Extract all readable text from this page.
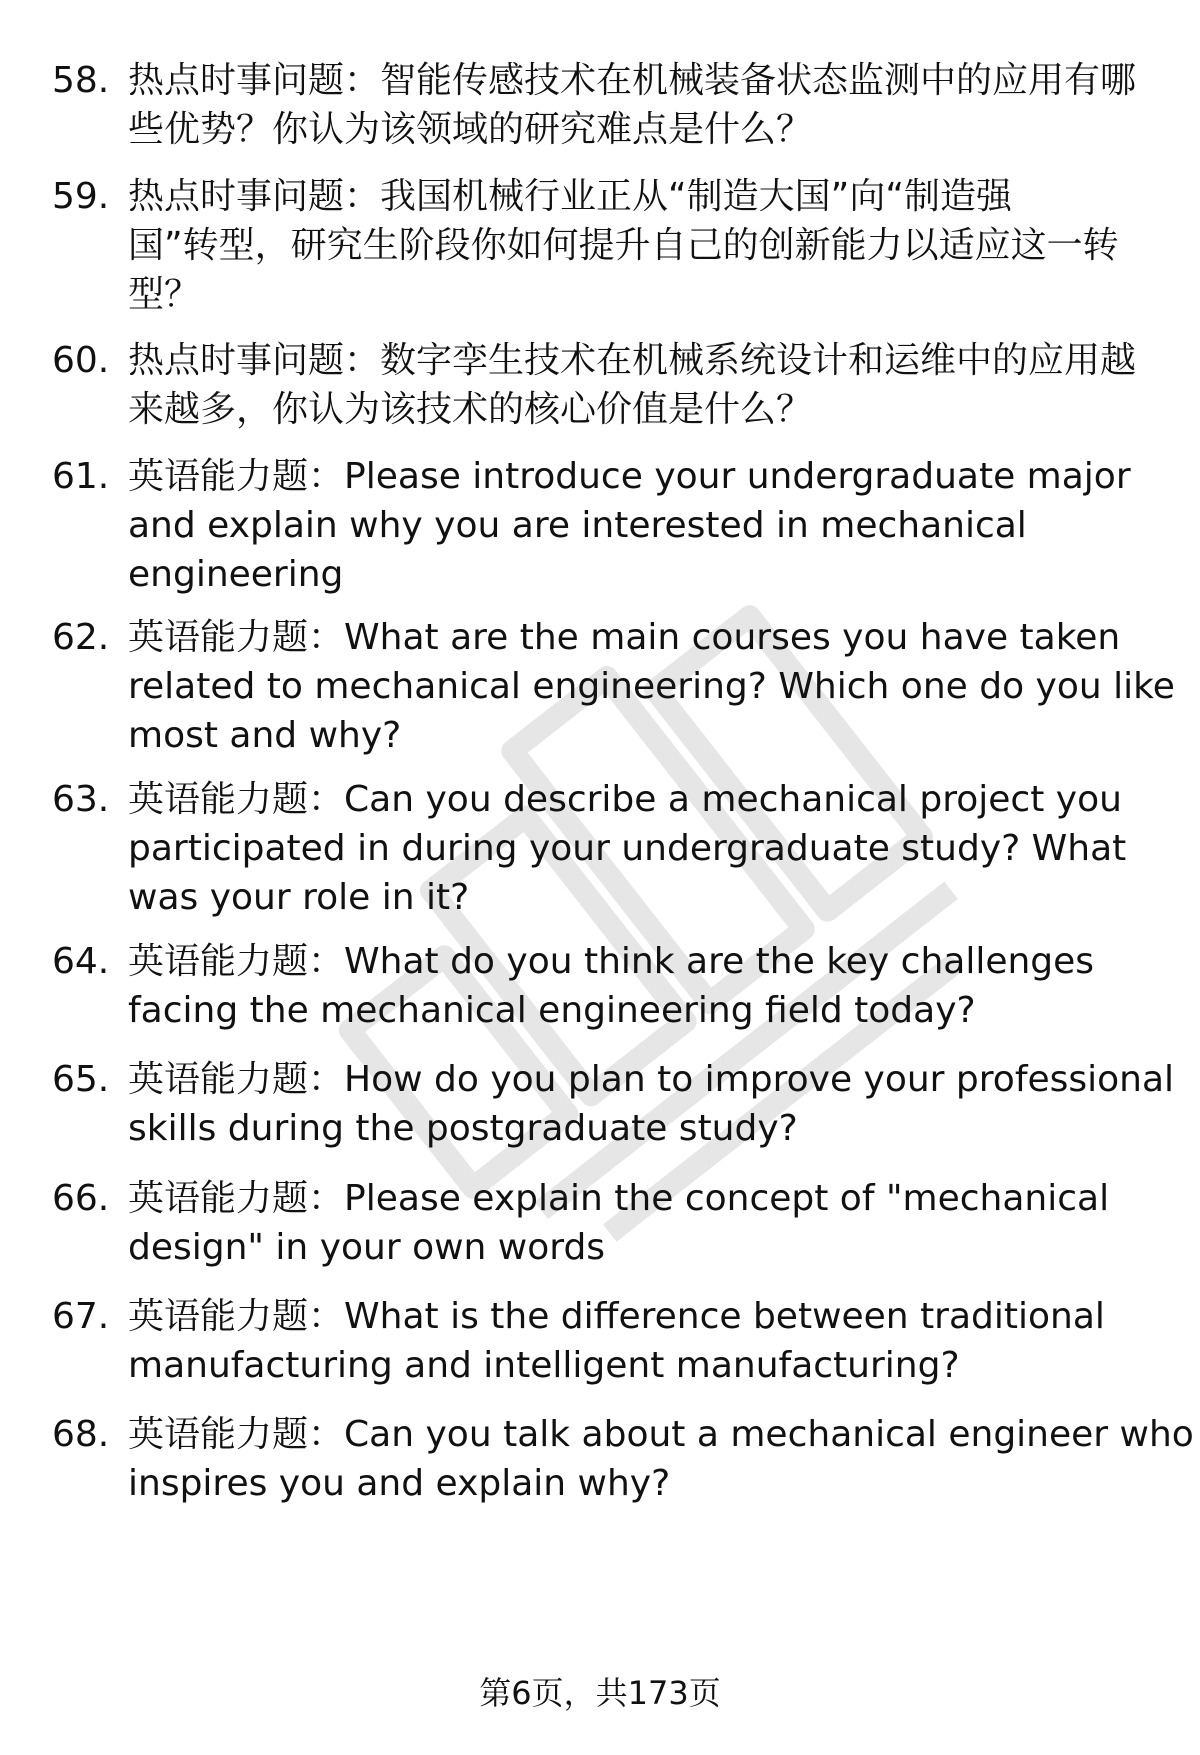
58. 热点时事问题：智能传感技术在机械装备状态监测中的应用有哪
些优势？你认为该领域的研究难点是什么？
59. 热点时事问题：我国机械行业正从“制造大国”向“制造强
国”转型，研究生阶段你如何提升自己的创新能力以适应这一转
型？
60. 热点时事问题：数字孪生技术在机械系统设计和运维中的应用越
来越多，你认为该技术的核心价值是什么？
61. 英语能力题：Please introduce your undergraduate major
and explain why you are interested in mechanical
engineering
62. 英语能力题：What are the main courses you have taken
related to mechanical engineering? Which one do you like
most and why?
63. 英语能力题：Can you describe a mechanical project you
participated in during your undergraduate study? What
was your role in it?
64. 英语能力题：What do you think are the key challenges
facing the mechanical engineering field today?
65. 英语能力题：How do you plan to improve your professional
skills during the postgraduate study?
66. 英语能力题：Please explain the concept of "mechanical
design" in your own words
67. 英语能力题：What is the difference between traditional
manufacturing and intelligent manufacturing?
68. 英语能力题：Can you talk about a mechanical engineer who
inspires you and explain why?
第6页，共173页
